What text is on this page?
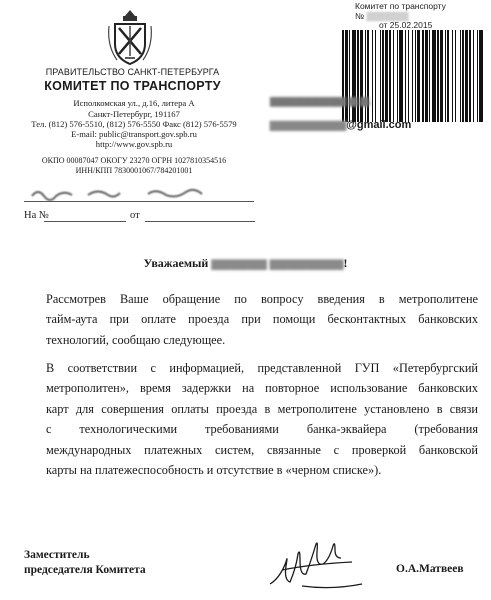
ПРАВИТЕЛЬСТВО САНКТ-ПЕТЕРБУРГА
КОМИТЕТ ПО ТРАНСПОРТУ
Исполкомская ул., д.16, литера А
Санкт-Петербург, 191167
Тел. (812) 576-5510, (812) 576-5550 Факс (812) 576-5579
E-mail: public@transport.gov.spb.ru
http://www.gov.spb.ru
ОКПО 00087047 ОКОГУ 23270 ОГРН 1027810354516
ИНН/КПП 7830001067/784201001
На №	от
Комитет по транспорту
№ ▒▒▒▒▒▒▒
от 25.02.2015
▆▆▆▆▆▆▆▆▆ ▆.▆.
▆▆▆▆▆▆▆▆▆@gmail.com
Уважаемый ▆▆▆▆▆▆ ▆▆▆▆▆▆▆▆!
Рассмотрев Ваше обращение по вопросу введения в метрополитене
тайм-аута при оплате проезда при помощи бесконтактных банковских
технологий, сообщаю следующее.
В соответствии с информацией, представленной ГУП «Петербургский
метрополитен», время задержки на повторное использование банковских
карт для совершения оплаты проезда в метрополитене установлено в связи
с технологическими требованиями банка-эквайера (требования
международных платежных систем, связанные с проверкой банковской
карты на платежеспособность и отсутствие в «черном списке»).
Заместитель
председателя Комитета	О.А.Матвеев
